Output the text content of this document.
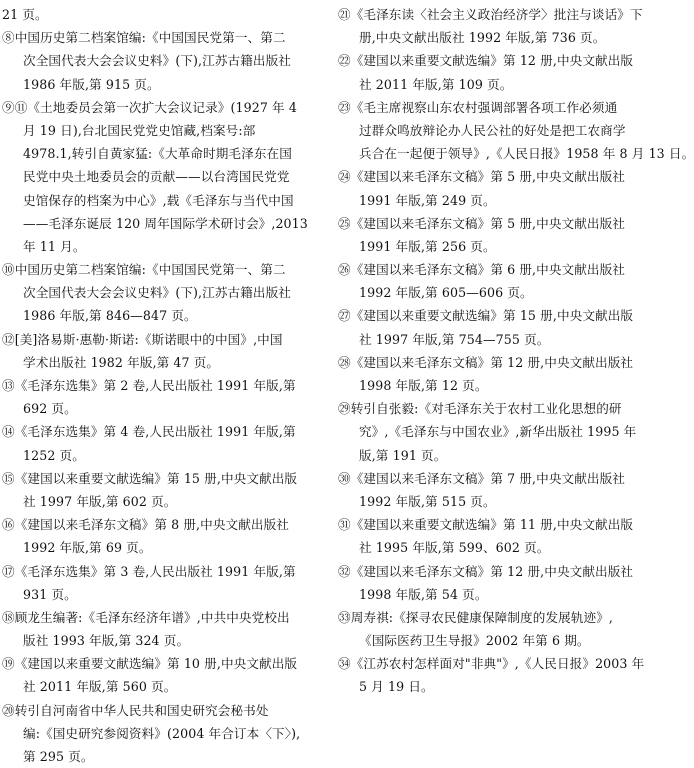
21 页。
⑧中国历史第二档案馆编:《中国国民党第一、第二
次全国代表大会会议史料》(下),江苏古籍出版社
1986 年版,第 915 页。
⑨⑪《土地委员会第一次扩大会议记录》(1927 年 4
月 19 日),台北国民党党史馆藏,档案号:部
4978.1,转引自黄家猛:《大革命时期毛泽东在国
民党中央土地委员会的贡献——以台湾国民党党
史馆保存的档案为中心》,载《毛泽东与当代中国
——毛泽东诞辰 120 周年国际学术研讨会》,2013
年 11 月。
⑩中国历史第二档案馆编:《中国国民党第一、第二
次全国代表大会会议史料》(下),江苏古籍出版社
1986 年版,第 846—847 页。
⑫[美]洛易斯·惠勒·斯诺:《斯诺眼中的中国》,中国
学术出版社 1982 年版,第 47 页。
⑬《毛泽东选集》第 2 卷,人民出版社 1991 年版,第
692 页。
⑭《毛泽东选集》第 4 卷,人民出版社 1991 年版,第
1252 页。
⑮《建国以来重要文献选编》第 15 册,中央文献出版
社 1997 年版,第 602 页。
⑯《建国以来毛泽东文稿》第 8 册,中央文献出版社
1992 年版,第 69 页。
⑰《毛泽东选集》第 3 卷,人民出版社 1991 年版,第
931 页。
⑱顾龙生编著:《毛泽东经济年谱》,中共中央党校出
版社 1993 年版,第 324 页。
⑲《建国以来重要文献选编》第 10 册,中央文献出版
社 2011 年版,第 560 页。
⑳转引自河南省中华人民共和国史研究会秘书处
编:《国史研究参阅资料》(2004 年合订本〈下〉),
第 295 页。
㉑《毛泽东读〈社会主义政治经济学〉批注与谈话》下
册,中央文献出版社 1992 年版,第 736 页。
㉒《建国以来重要文献选编》第 12 册,中央文献出版
社 2011 年版,第 109 页。
㉓《毛主席视察山东农村强调部署各项工作必须通
过群众鸣放辩论办人民公社的好处是把工农商学
兵合在一起便于领导》,《人民日报》1958 年 8 月 13 日。
㉔《建国以来毛泽东文稿》第 5 册,中央文献出版社
1991 年版,第 249 页。
㉕《建国以来毛泽东文稿》第 5 册,中央文献出版社
1991 年版,第 256 页。
㉖《建国以来毛泽东文稿》第 6 册,中央文献出版社
1992 年版,第 605—606 页。
㉗《建国以来重要文献选编》第 15 册,中央文献出版
社 1997 年版,第 754—755 页。
㉘《建国以来毛泽东文稿》第 12 册,中央文献出版社
1998 年版,第 12 页。
㉙转引自张毅:《对毛泽东关于农村工业化思想的研
究》,《毛泽东与中国农业》,新华出版社 1995 年
版,第 191 页。
㉚《建国以来毛泽东文稿》第 7 册,中央文献出版社
1992 年版,第 515 页。
㉛《建国以来重要文献选编》第 11 册,中央文献出版
社 1995 年版,第 599、602 页。
㉜《建国以来毛泽东文稿》第 12 册,中央文献出版社
1998 年版,第 54 页。
㉝周寿祺:《探寻农民健康保障制度的发展轨迹》,
《国际医药卫生导报》2002 年第 6 期。
㉞《江苏农村怎样面对"非典"》,《人民日报》2003 年
5 月 19 日。
